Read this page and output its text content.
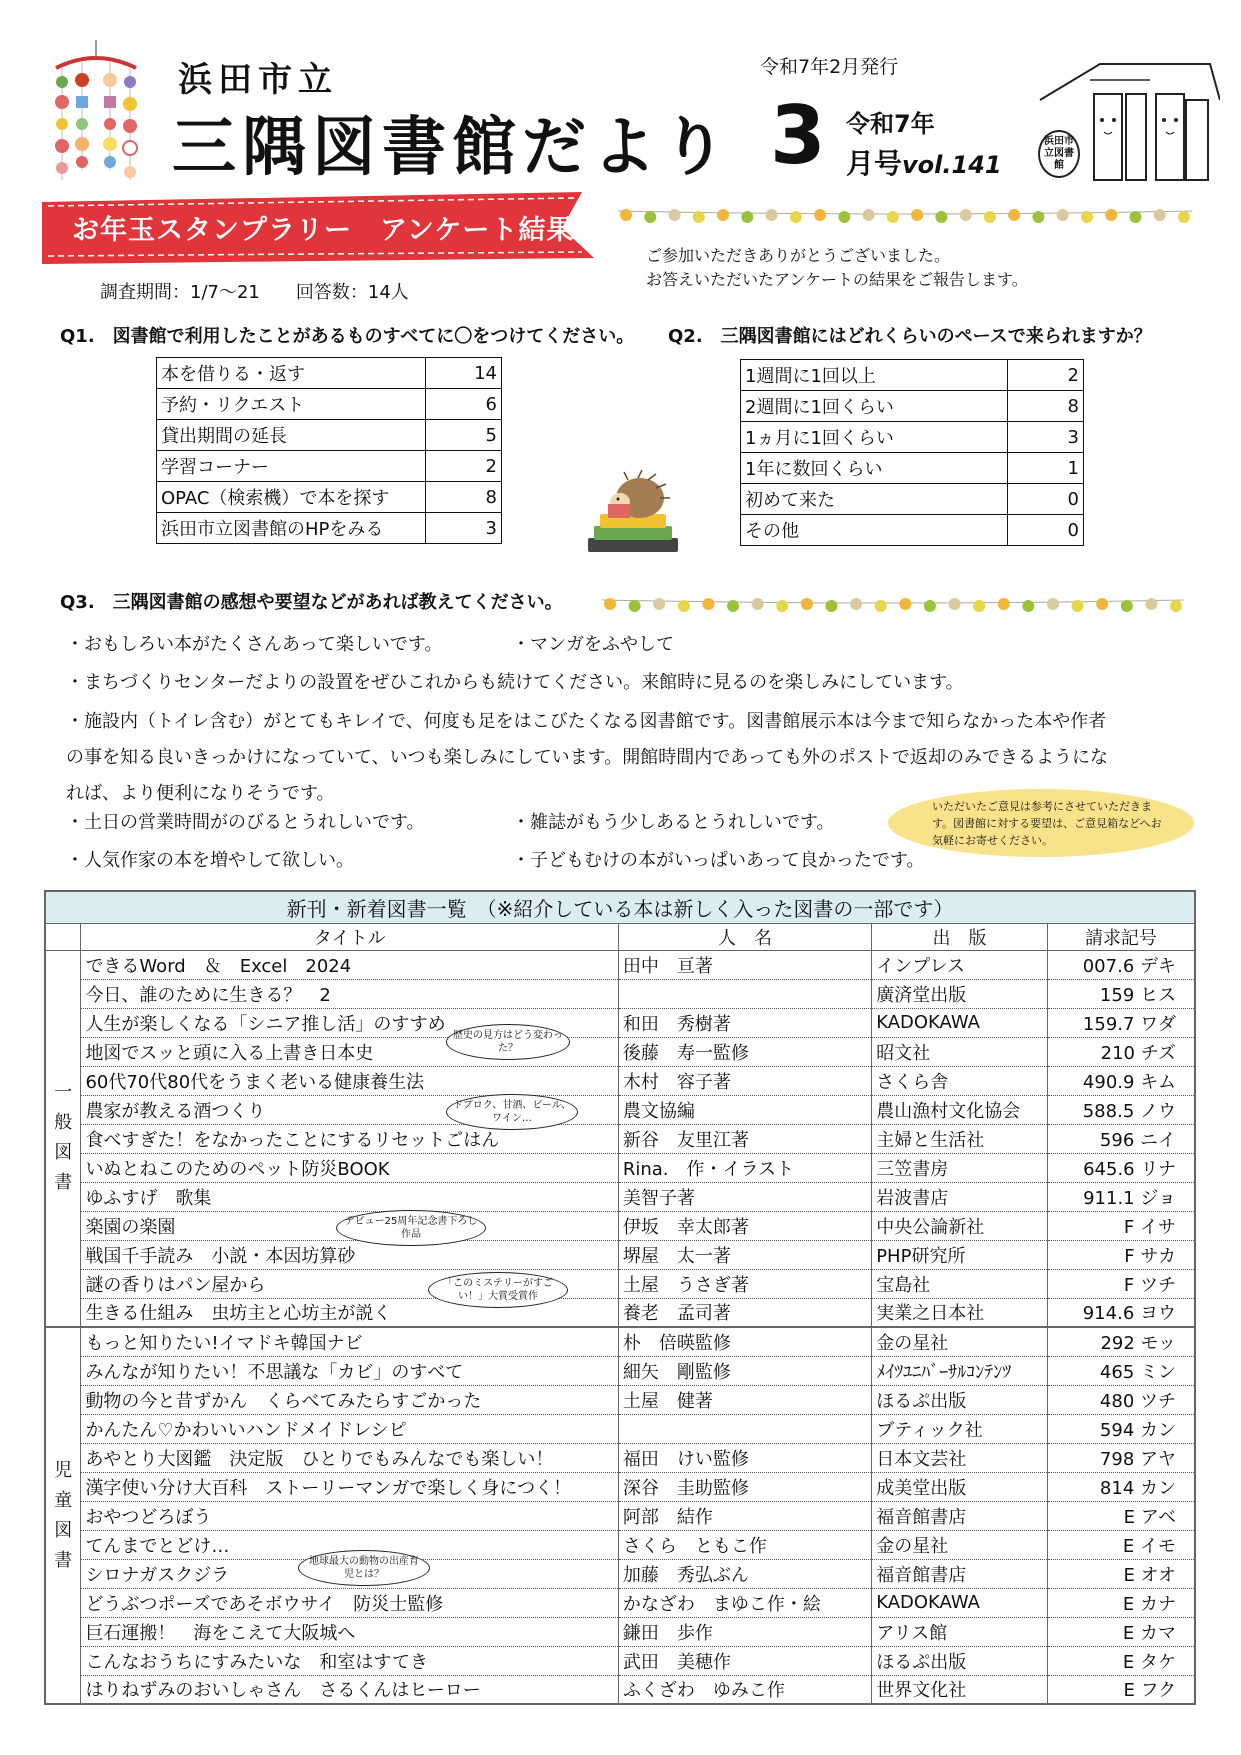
浜田市立
三隅図書館だより
令和7年2月発行
3 令和7年
月号vol.141
浜田市立図書館
お年玉スタンプラリー　アンケート結果
調査期間：1/7〜21　　 回答数：14人
ご参加いただきありがとうございました。
お答えいただいたアンケートの結果をご報告します。
Q1.　図書館で利用したことがあるものすべてに〇をつけてください。 Q2.　三隅図書館にはどれくらいのペースで来られますか？
本を借りる・返す	14
予約・リクエスト	6
貸出期間の延長	5
学習コーナー	2
OPAC（検索機）で本を探す	8
浜田市立図書館のHPをみる	3
1週間に1回以上	2
2週間に1回くらい	8
1ヵ月に1回くらい	3
1年に数回くらい	1
初めて来た	0
その他	0
Q3.　三隅図書館の感想や要望などがあれば教えてください。
・おもしろい本がたくさんあって楽しいです。	・マンガをふやして
・まちづくりセンターだよりの設置をぜひこれからも続けてください。来館時に見るのを楽しみにしています。
・施設内（トイレ含む）がとてもキレイで、何度も足をはこびたくなる図書館です。図書館展示本は今まで知らなかった本や作者
の事を知る良いきっかけになっていて、いつも楽しみにしています。開館時間内であっても外のポストで返却のみできるようにな
れば、より便利になりそうです。
・土日の営業時間がのびるとうれしいです。	・雑誌がもう少しあるとうれしいです。
・人気作家の本を増やして欲しい。	・子どもむけの本がいっぱいあって良かったです。
いただいたご意見は参考にさせていただきます。図書館に対する要望は、ご意見箱などへお気軽にお寄せください。
新刊・新着図書一覧　（※紹介している本は新しく入った図書の一部です）				
	タイトル	人　名	出　版	請求記号
一般図書	できるWord　＆　Excel　2024	田中　亘著	インプレス	007.6 デキ
	今日、誰のために生きる？　2		廣済堂出版	159 ヒス
	人生が楽しくなる「シニア推し活」のすすめ	和田　秀樹著	KADOKAWA	159.7 ワダ
	地図でスッと頭に入る上書き日本史	後藤　寿一監修	昭文社	210 チズ
	60代70代80代をうまく老いる健康養生法	木村　容子著	さくら舎	490.9 キム
	農家が教える酒つくり	農文協編	農山漁村文化協会	588.5 ノウ
	食べすぎた！をなかったことにするリセットごはん	新谷　友里江著	主婦と生活社	596 ニイ
	いぬとねこのためのペット防災BOOK	Rina.　作・イラスト	三笠書房	645.6 リナ
	ゆふすげ　歌集	美智子著	岩波書店	911.1 ジョ
	楽園の楽園	伊坂　幸太郎著	中央公論新社	F イサ
	戦国千手読み　小説・本因坊算砂	堺屋　太一著	PHP研究所	F サカ
	謎の香りはパン屋から	土屋　うさぎ著	宝島社	F ツチ
	生きる仕組み　虫坊主と心坊主が説く	養老　孟司著	実業之日本社	914.6 ヨウ
児童図書	もっと知りたい!イマドキ韓国ナビ	朴　倍暎監修	金の星社	292 モッ
	みんなが知りたい！不思議な「カビ」のすべて	細矢　剛監修	ﾒｲﾂﾕﾆﾊﾞｰｻﾙｺﾝﾃﾝﾂ	465 ミン
	動物の今と昔ずかん　くらべてみたらすごかった	土屋　健著	ほるぷ出版	480 ツチ
	かんたん♡かわいいハンドメイドレシピ		ブティック社	594 カン
	あやとり大図鑑　決定版　ひとりでもみんなでも楽しい！	福田　けい監修	日本文芸社	798 アヤ
	漢字使い分け大百科　ストーリーマンガで楽しく身につく！	深谷　圭助監修	成美堂出版	814 カン
	おやつどろぼう	阿部　結作	福音館書店	E アベ
	てんまでとどけ…	さくら　ともこ作	金の星社	E イモ
	シロナガスクジラ	加藤　秀弘ぶん	福音館書店	E オオ
	どうぶつポーズであそボウサイ　防災士監修	かなざわ　まゆこ作・絵	KADOKAWA	E カナ
	巨石運搬！　海をこえて大阪城へ	鎌田　歩作	アリス館	E カマ
	こんなおうちにすみたいな　和室はすてき	武田　美穂作	ほるぷ出版	E タケ
	はりねずみのおいしゃさん　さるくんはヒーロー	ふくざわ　ゆみこ作	世界文化社	E フク
歴史の見方はどう変わった？
ドブロク、甘酒、ビール、ワイン…
デビュー25周年記念書下ろし作品
「このミステリーがすごい！」大賞受賞作
地球最大の動物の出産育児とは？
